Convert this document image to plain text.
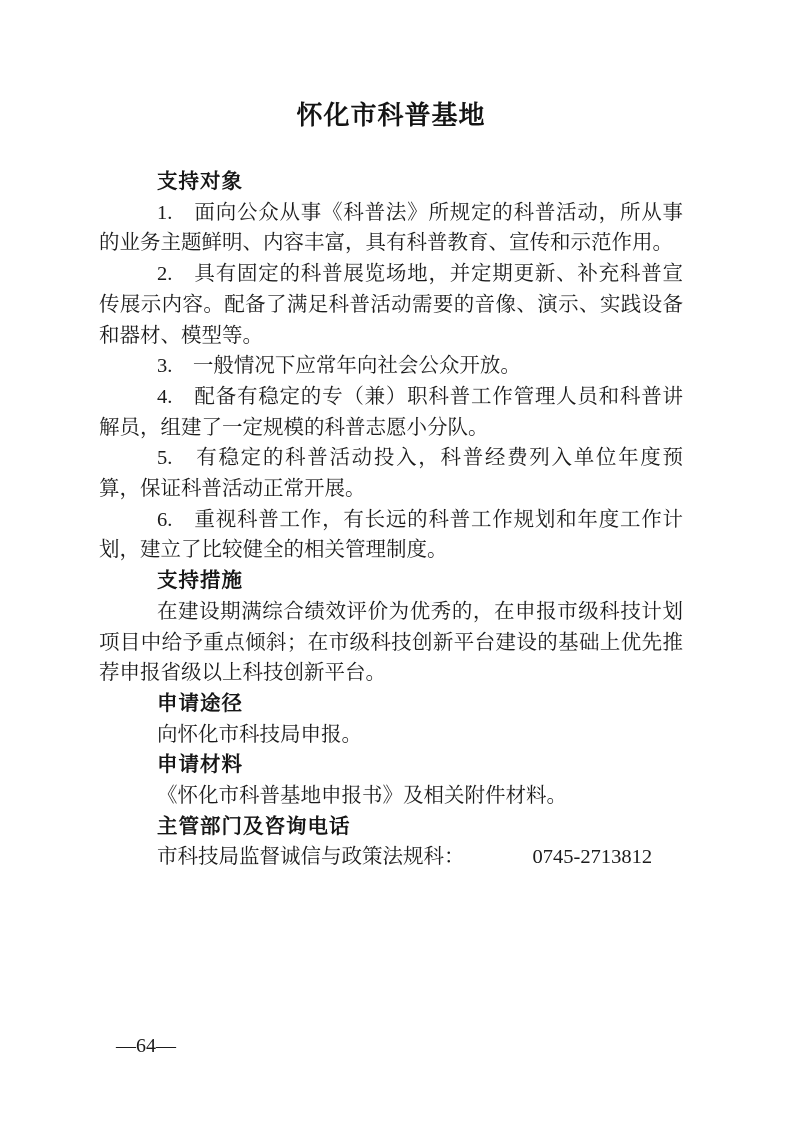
怀化市科普基地
支持对象

1.　面向公众从事《科普法》所规定的科普活动，所从事的业务主题鲜明、内容丰富，具有科普教育、宣传和示范作用。

2.　具有固定的科普展览场地，并定期更新、补充科普宣传展示内容。配备了满足科普活动需要的音像、演示、实践设备和器材、模型等。

3.　一般情况下应常年向社会公众开放。

4.　配备有稳定的专（兼）职科普工作管理人员和科普讲解员，组建了一定规模的科普志愿小分队。

5.　有稳定的科普活动投入，科普经费列入单位年度预算，保证科普活动正常开展。

6.　重视科普工作，有长远的科普工作规划和年度工作计划，建立了比较健全的相关管理制度。

支持措施

在建设期满综合绩效评价为优秀的，在申报市级科技计划项目中给予重点倾斜；在市级科技创新平台建设的基础上优先推荐申报省级以上科技创新平台。

申请途径

向怀化市科技局申报。

申请材料

《怀化市科普基地申报书》及相关附件材料。

主管部门及咨询电话

市科技局监督诚信与政策法规科：	0745-2713812

—64—
